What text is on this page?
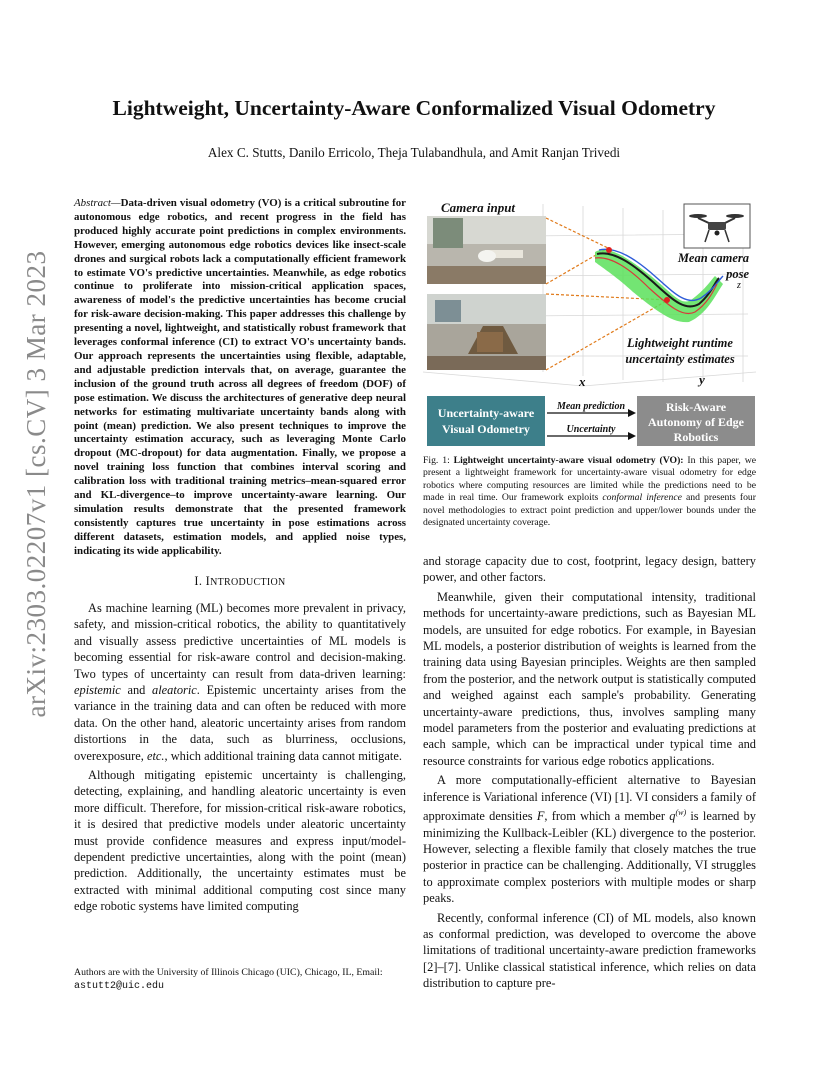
arXiv:2303.02207v1 [cs.CV] 3 Mar 2023
Lightweight, Uncertainty-Aware Conformalized Visual Odometry
Alex C. Stutts, Danilo Erricolo, Theja Tulabandhula, and Amit Ranjan Trivedi

Abstract—Data-driven visual odometry (VO) is a critical subroutine for autonomous edge robotics, and recent progress in the field has produced highly accurate point predictions in complex environments. However, emerging autonomous edge robotics devices like insect-scale drones and surgical robots lack a computationally efficient framework to estimate VO's predictive uncertainties. Meanwhile, as edge robotics continue to proliferate into mission-critical application spaces, awareness of model's the predictive uncertainties has become crucial for risk-aware decision-making. This paper addresses this challenge by presenting a novel, lightweight, and statistically robust framework that leverages conformal inference (CI) to extract VO's uncertainty bands. Our approach represents the uncertainties using flexible, adaptable, and adjustable prediction intervals that, on average, guarantee the inclusion of the ground truth across all degrees of freedom (DOF) of pose estimation. We discuss the architectures of generative deep neural networks for estimating multivariate uncertainty bands along with point (mean) prediction. We also present techniques to improve the uncertainty estimation accuracy, such as leveraging Monte Carlo dropout (MC-dropout) for data augmentation. Finally, we propose a novel training loss function that combines interval scoring and calibration loss with traditional training metrics–mean-squared error and KL-divergence–to improve uncertainty-aware learning. Our simulation results demonstrate that the presented framework consistently captures true uncertainty in pose estimations across different datasets, estimation models, and applied noise types, indicating its wide applicability.

I. INTRODUCTION

As machine learning (ML) becomes more prevalent in privacy, safety, and mission-critical robotics, the ability to quantitatively and visually assess predictive uncertainties of ML models is becoming essential for risk-aware control and decision-making. Two types of uncertainty can result from data-driven learning: epistemic and aleatoric. Epistemic uncertainty arises from the variance in the training data and can often be reduced with more data. On the other hand, aleatoric uncertainty arises from random distortions in the data, such as blurriness, occlusions, overexposure, etc., which additional training data cannot mitigate.

Although mitigating epistemic uncertainty is challenging, detecting, explaining, and handling aleatoric uncertainty is even more difficult. Therefore, for mission-critical risk-aware robotics, it is desired that predictive models under aleatoric uncertainty must provide confidence measures and express input/model-dependent predictive uncertainties, along with the point (mean) prediction. Additionally, the uncertainty estimates must be extracted with minimal additional computing cost since many edge robotic systems have limited computing

Authors are with the University of Illinois Chicago (UIC), Chicago, IL, Email: astutt2@uic.edu
Camera input
Mean camera
pose
Lightweight runtime
uncertainty estimates
x	y
z
Uncertainty-aware
Visual Odometry
Risk-Aware
Autonomy of Edge
Robotics
Mean prediction
Uncertainty
Fig. 1: Lightweight uncertainty-aware visual odometry (VO): In this paper, we present a lightweight framework for uncertainty-aware visual odometry for edge robotics where computing resources are limited while the predictions need to be made in real time. Our framework exploits conformal inference and presents four novel methodologies to extract point prediction and upper/lower bounds under the designated uncertainty coverage.

and storage capacity due to cost, footprint, legacy design, battery power, and other factors.

Meanwhile, given their computational intensity, traditional methods for uncertainty-aware predictions, such as Bayesian ML models, are unsuited for edge robotics. For example, in Bayesian ML models, a posterior distribution of weights is learned from the training data using Bayesian principles. Weights are then sampled from the posterior, and the network output is statistically computed and weighed against each sample's probability. Generating uncertainty-aware predictions, thus, involves sampling many model parameters from the posterior and evaluating predictions at each sample, which can be impractical under typical time and resource constraints for various edge robotics applications.

A more computationally-efficient alternative to Bayesian inference is Variational inference (VI) [1]. VI considers a family of approximate densities F, from which a member $q^{(w)}$ is learned by minimizing the Kullback-Leibler (KL) divergence to the posterior. However, selecting a flexible family that closely matches the true posterior in practice can be challenging. Additionally, VI struggles to approximate complex posteriors with multiple modes or sharp peaks.

Recently, conformal inference (CI) of ML models, also known as conformal prediction, was developed to overcome the above limitations of traditional uncertainty-aware prediction frameworks [2]–[7]. Unlike classical statistical inference, which relies on data distribution to capture pre-
